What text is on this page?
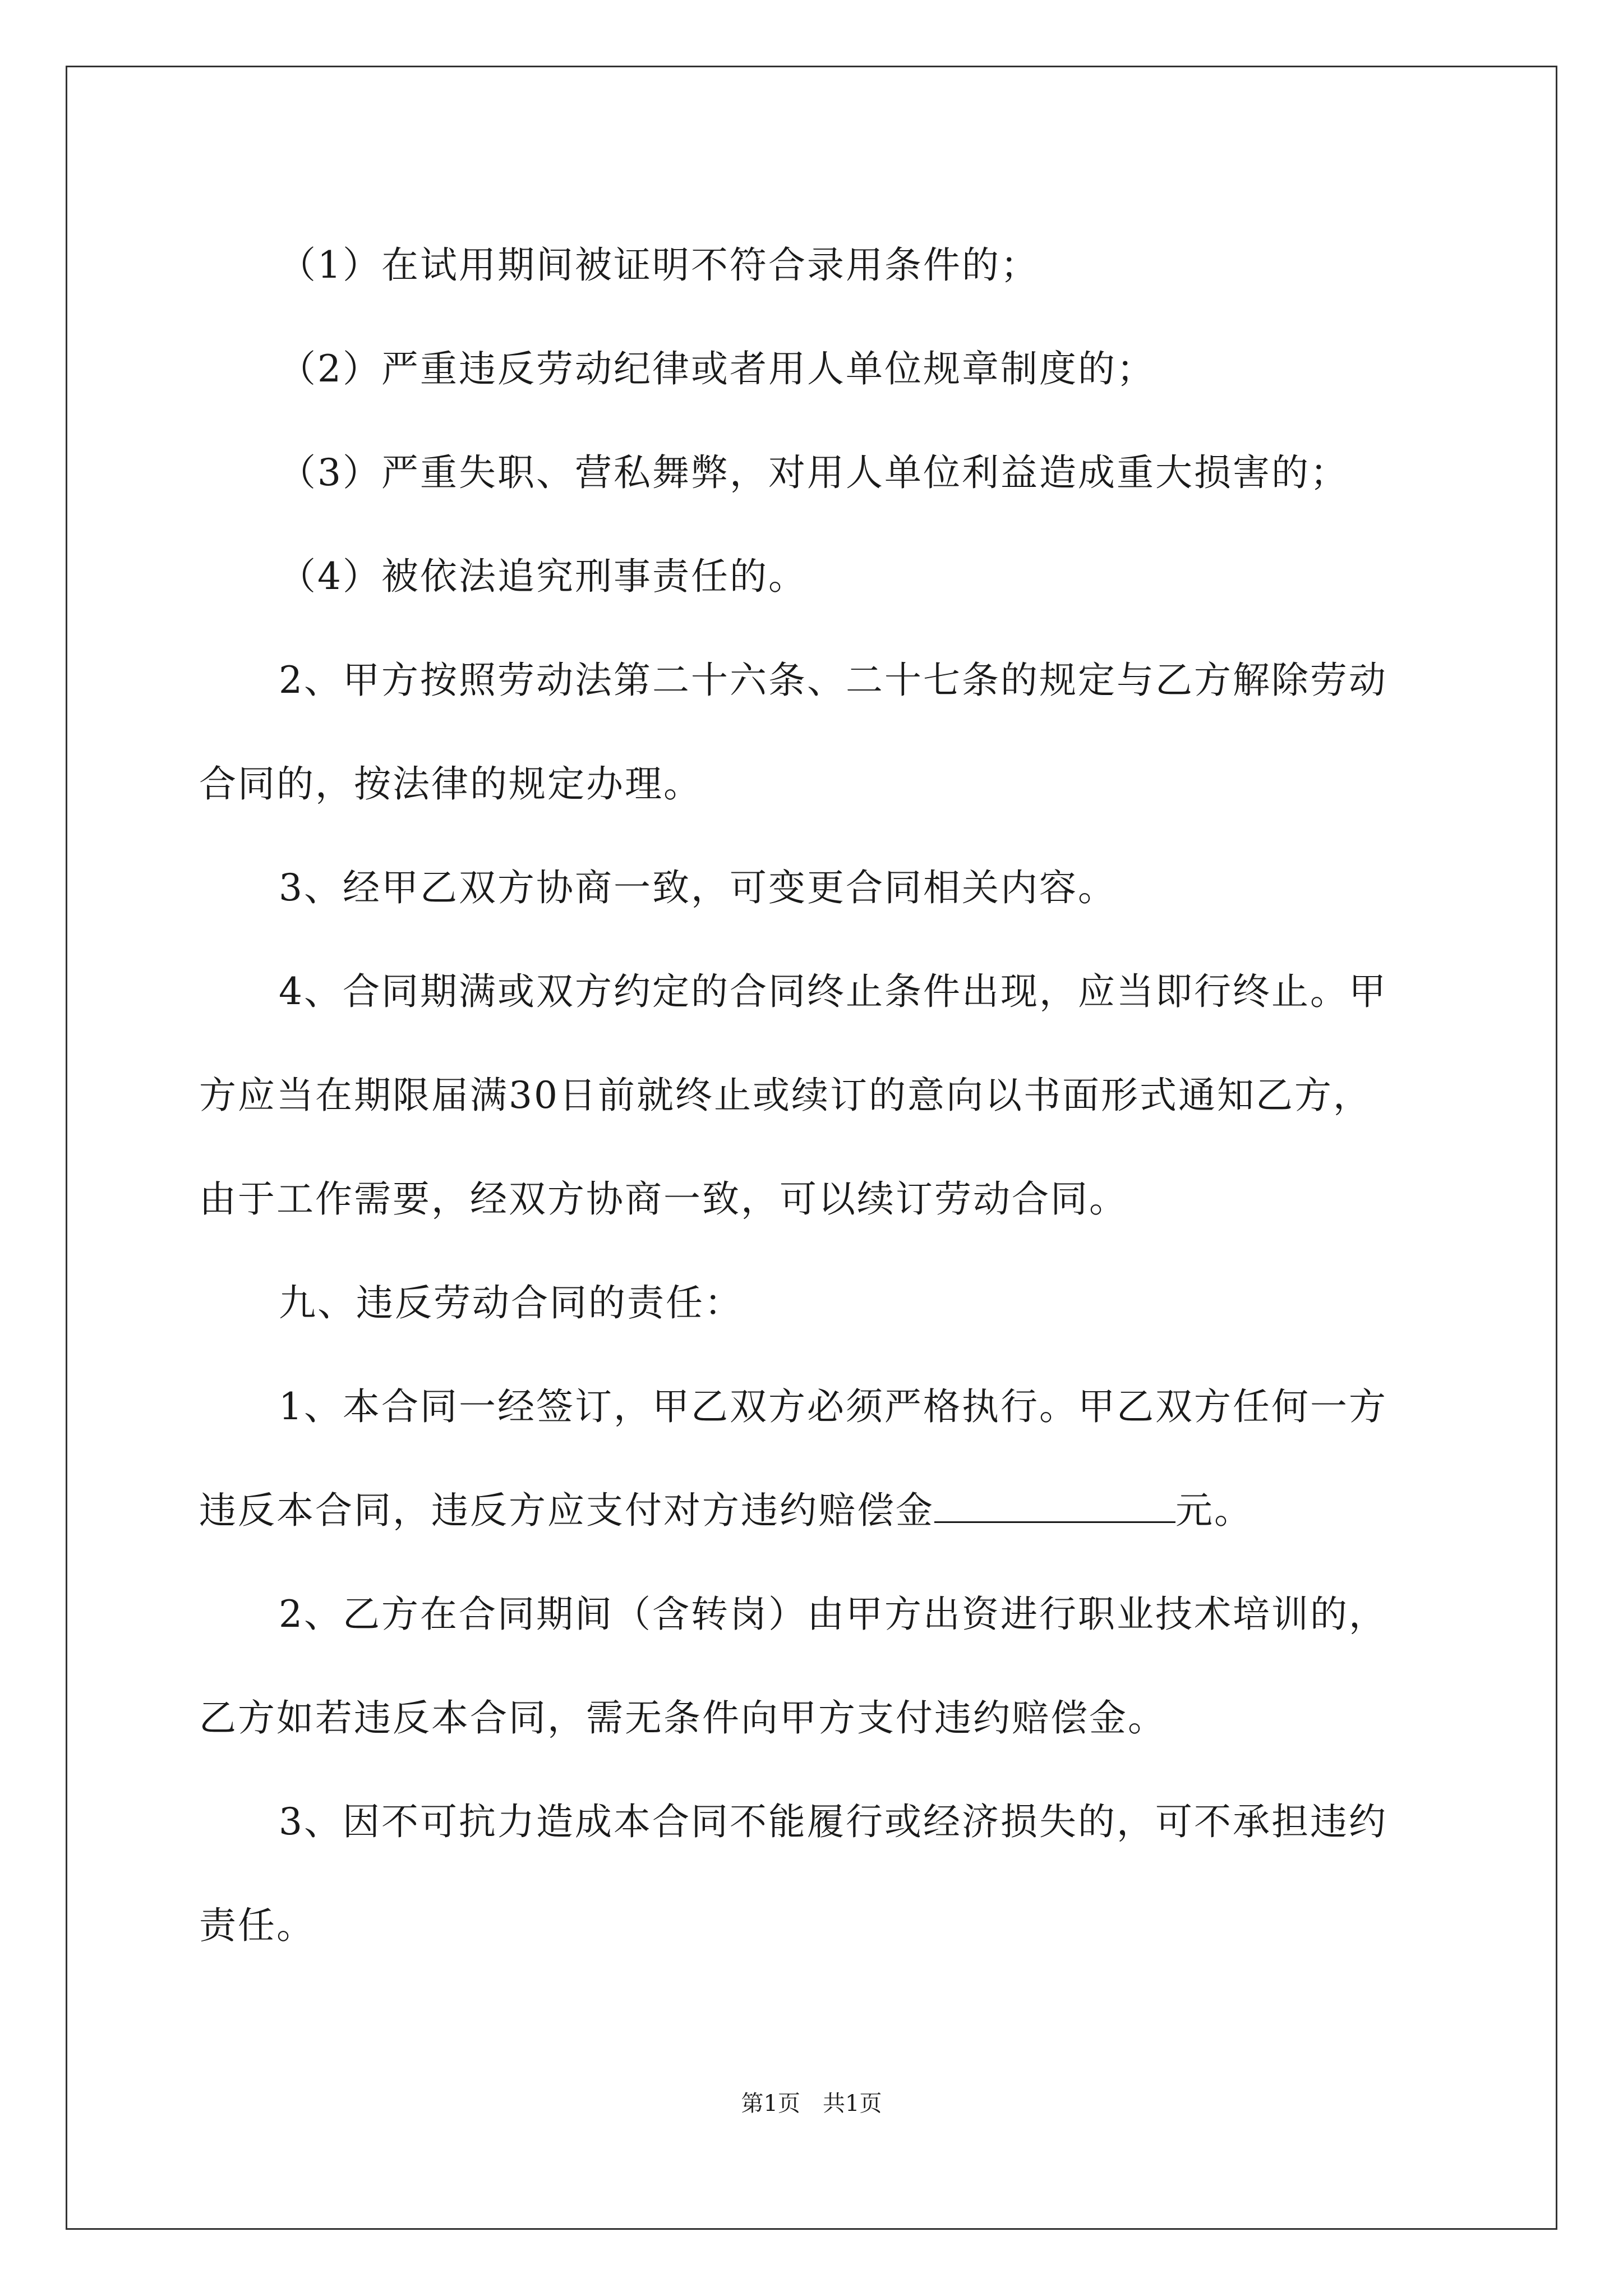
（1）在试用期间被证明不符合录用条件的；

（2）严重违反劳动纪律或者用人单位规章制度的；

（3）严重失职、营私舞弊，对用人单位利益造成重大损害的；

（4）被依法追究刑事责任的。

2、甲方按照劳动法第二十六条、二十七条的规定与乙方解除劳动

合同的，按法律的规定办理。

3、经甲乙双方协商一致，可变更合同相关内容。

4、合同期满或双方约定的合同终止条件出现，应当即行终止。甲

方应当在期限届满30日前就终止或续订的意向以书面形式通知乙方，

由于工作需要，经双方协商一致，可以续订劳动合同。

九、违反劳动合同的责任：

1、本合同一经签订，甲乙双方必须严格执行。甲乙双方任何一方

违反本合同，违反方应支付对方违约赔偿金	元。

2、乙方在合同期间（含转岗）由甲方出资进行职业技术培训的，

乙方如若违反本合同，需无条件向甲方支付违约赔偿金。

3、因不可抗力造成本合同不能履行或经济损失的，可不承担违约

责任。

第1页　共1页
